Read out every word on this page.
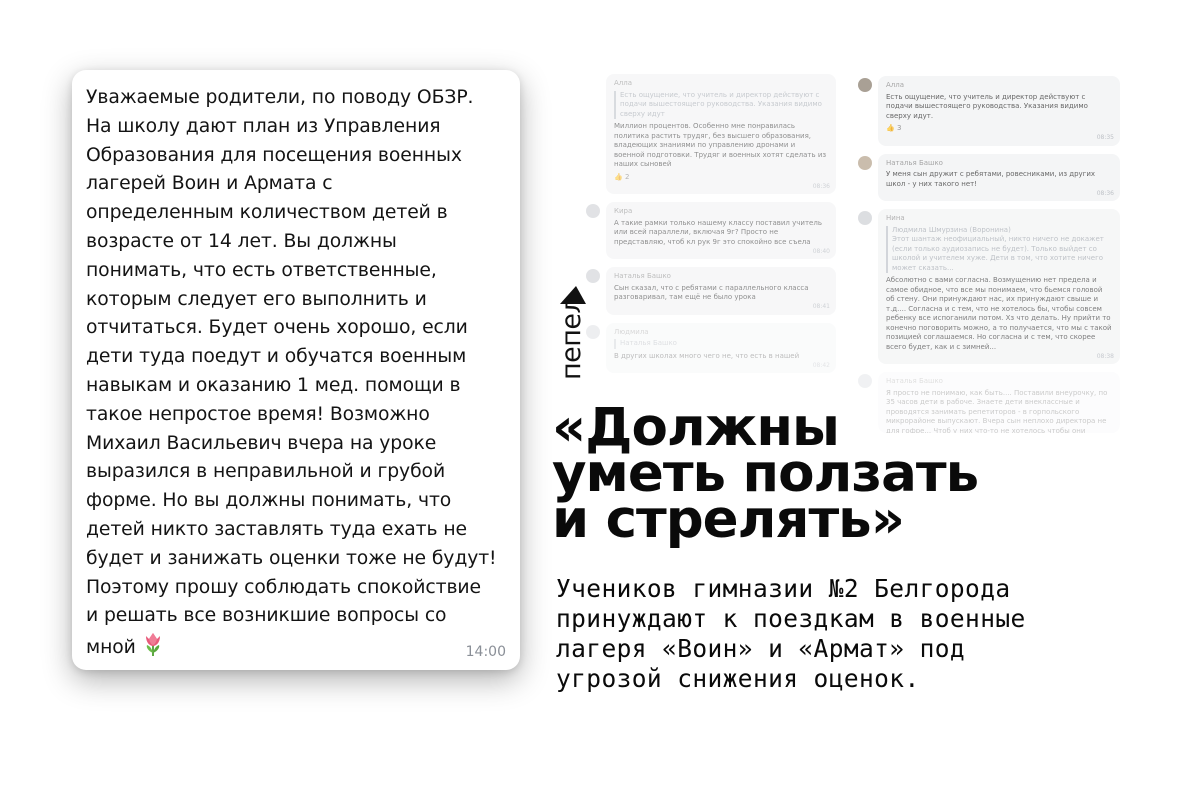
Уважаемые родители, по поводу ОБЗР.
На школу дают план из Управления
Образования для посещения военных
лагерей Воин и Армата с
определенным количеством детей в
возрасте от 14 лет. Вы должны
понимать, что есть ответственные,
которым следует его выполнить и
отчитаться. Будет очень хорошо, если
дети туда поедут и обучатся военным
навыкам и оказанию 1 мед. помощи в
такое непростое время! Возможно
Михаил Васильевич вчера на уроке
выразился в неправильной и грубой
форме. Но вы должны понимать, что
детей никто заставлять туда ехать не
будет и занижать оценки тоже не будут!
Поэтому прошу соблюдать спокойствие
и решать все возникшие вопросы со
мной	14:00
пепел
Алла
Есть ощущение, что учитель и директор действуют с подачи вышестоящего руководства. Указания видимо сверху идут
Миллион процентов. Особенно мне понравилась политика растить трудяг, без высшего образования, владеющих знаниями по управлению дронами и военной подготовки. Трудяг и военных хотят сделать из наших сыновей
👍 2
08:36
Кира
А такие рамки только нашему классу поставил учитель или всей параллели, включая 9г? Просто не представляю, чтоб кл рук 9г это спокойно все съела
08:40
Наталья Башко
Сын сказал, что с ребятами с параллельного класса разговаривал, там ещё не было урока
08:41
Людмила
Наталья Башко
В других школах много чего не, что есть в нашей
08:42
Алла
Есть ощущение, что учитель и директор действуют с подачи вышестоящего руководства. Указания видимо сверху идут.
👍 3
08:35
Наталья Башко
У меня сын дружит с ребятами, ровесниками, из других школ - у них такого нет!
08:36
Нина
Людмила Шмурзина (Воронина)
Этот шантаж неофициальный, никто ничего не докажет (если только аудиозапись не будет). Только выйдет со школой и учителем хуже. Дети в том, что хотите ничего может сказать...
Абсолютно с вами согласна. Возмущению нет предела и самое обидное, что все мы понимаем, что бьемся головой об стену. Они принуждают нас, их принуждают свыше и т.д.... Согласна и с тем, что не хотелось бы, чтобы совсем ребенку все испоганили потом. Хз что делать. Ну прийти то конечно поговорить можно, а то получается, что мы с такой позицией соглашаемся. Но согласна и с тем, что скорее всего будет, как и с зимней...
08:38
Наталья Башко
Я просто не понимаю, как быть.... Поставили внеурочку, по 35 часов дети в рабоче. Знаете дети внеклассные и проводятся занимать репетиторов - в горпольского микрорайоне выпускают. Вчера сын неплохо директора не для гофре... Чтоб у них что-то не хотелось чтобы они
«Должны
уметь ползать
и стрелять»

Учеников гимназии №2 Белгорода
принуждают к поездкам в военные
лагеря «Воин» и «Армат» под
угрозой снижения оценок.
